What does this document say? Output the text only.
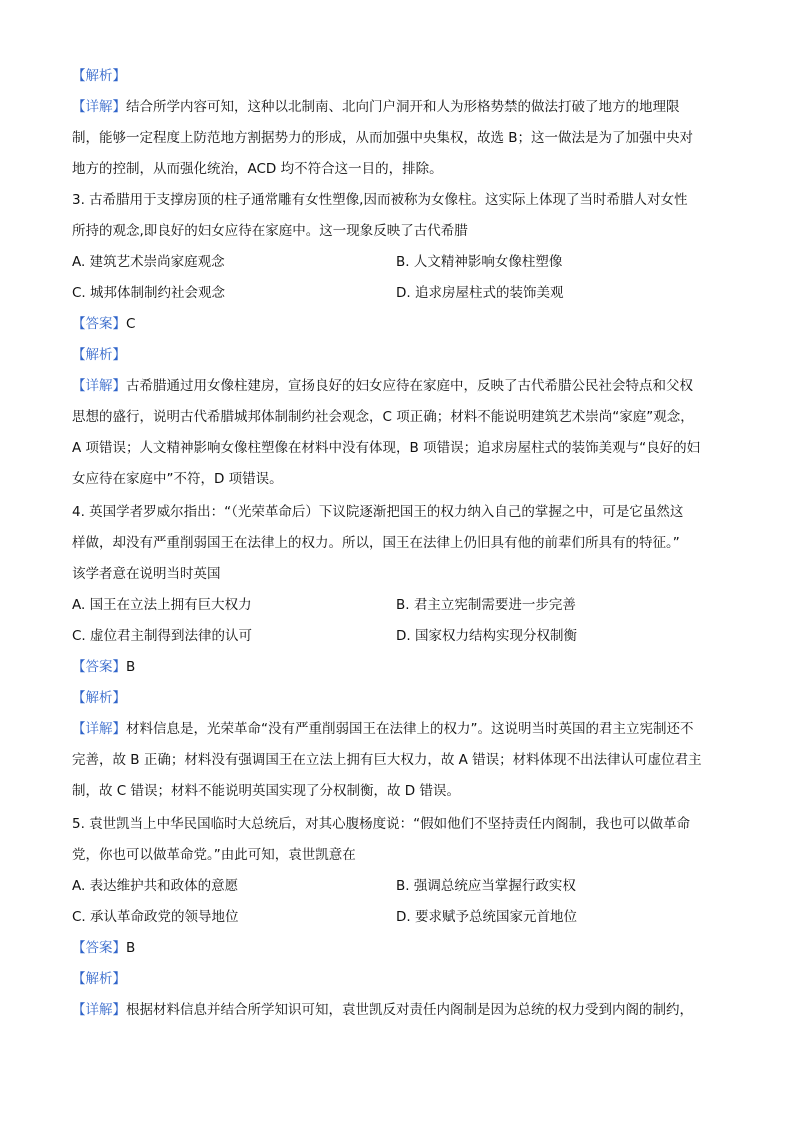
【解析】
【详解】结合所学内容可知，这种以北制南、北向门户洞开和人为形格势禁的做法打破了地方的地理限
制，能够一定程度上防范地方割据势力的形成，从而加强中央集权，故选 B；这一做法是为了加强中央对
地方的控制，从而强化统治，ACD 均不符合这一目的，排除。
3. 古希腊用于支撑房顶的柱子通常雕有女性塑像,因而被称为女像柱。这实际上体现了当时希腊人对女性
所持的观念,即良好的妇女应待在家庭中。这一现象反映了古代希腊
A. 建筑艺术崇尚家庭观念	B. 人文精神影响女像柱塑像
C. 城邦体制制约社会观念	D. 追求房屋柱式的装饰美观
【答案】C
【解析】
【详解】古希腊通过用女像柱建房，宣扬良好的妇女应待在家庭中，反映了古代希腊公民社会特点和父权
思想的盛行，说明古代希腊城邦体制制约社会观念，C 项正确；材料不能说明建筑艺术崇尚“家庭”观念，
A 项错误；人文精神影响女像柱塑像在材料中没有体现，B 项错误；追求房屋柱式的装饰美观与“良好的妇
女应待在家庭中”不符，D 项错误。
4. 英国学者罗威尔指出：“（光荣革命后）下议院逐渐把国王的权力纳入自己的掌握之中，可是它虽然这
样做，却没有严重削弱国王在法律上的权力。所以，国王在法律上仍旧具有他的前辈们所具有的特征。”
该学者意在说明当时英国
A. 国王在立法上拥有巨大权力	B. 君主立宪制需要进一步完善
C. 虚位君主制得到法律的认可	D. 国家权力结构实现分权制衡
【答案】B
【解析】
【详解】材料信息是，光荣革命“没有严重削弱国王在法律上的权力”。这说明当时英国的君主立宪制还不
完善，故 B 正确；材料没有强调国王在立法上拥有巨大权力，故 A 错误；材料体现不出法律认可虚位君主
制，故 C 错误；材料不能说明英国实现了分权制衡，故 D 错误。
5. 袁世凯当上中华民国临时大总统后，对其心腹杨度说：“假如他们不坚持责任内阁制，我也可以做革命
党，你也可以做革命党。”由此可知，袁世凯意在
A. 表达维护共和政体的意愿	B. 强调总统应当掌握行政实权
C. 承认革命政党的领导地位	D. 要求赋予总统国家元首地位
【答案】B
【解析】
【详解】根据材料信息并结合所学知识可知，袁世凯反对责任内阁制是因为总统的权力受到内阁的制约，
